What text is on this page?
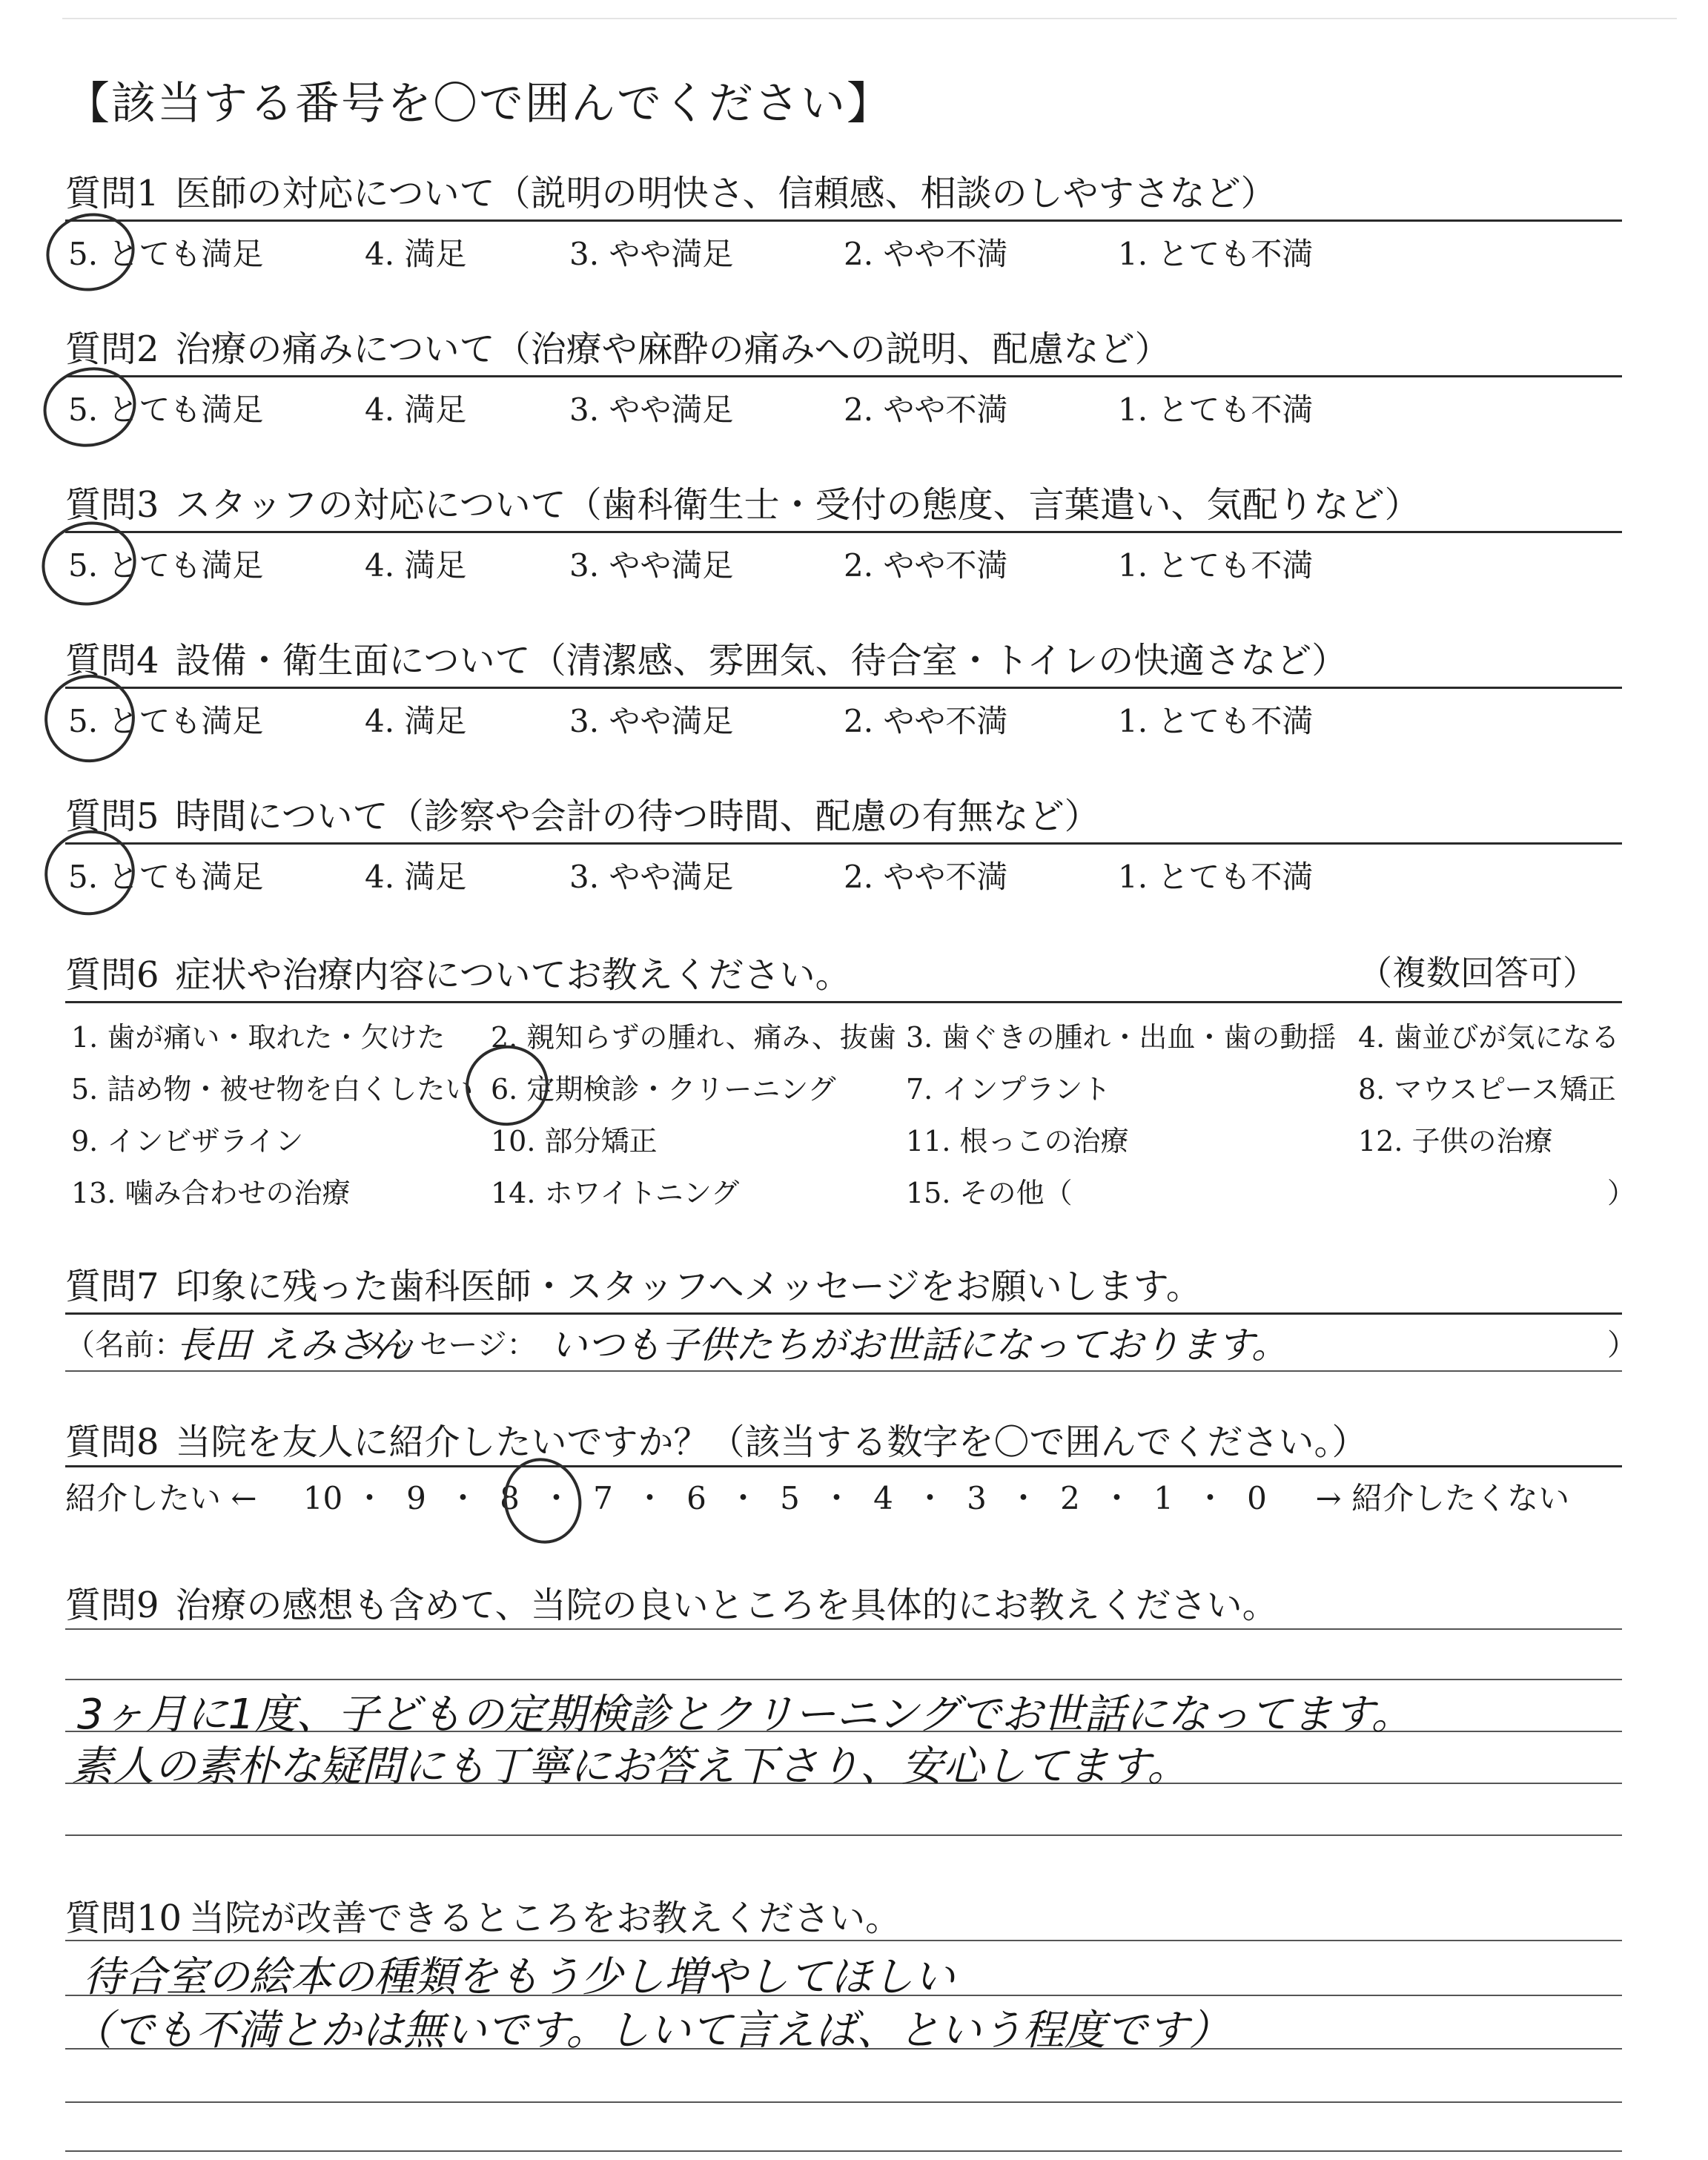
【該当する番号を〇で囲んでください】
質問1 医師の対応について（説明の明快さ、信頼感、相談のしやすさなど）
5. とても満足	4. 満足	3. やや満足	2. やや不満	1. とても不満
質問2 治療の痛みについて（治療や麻酔の痛みへの説明、配慮など）
5. とても満足	4. 満足	3. やや満足	2. やや不満	1. とても不満
質問3 スタッフの対応について（歯科衛生士・受付の態度、言葉遣い、気配りなど）
5. とても満足	4. 満足	3. やや満足	2. やや不満	1. とても不満
質問4 設備・衛生面について（清潔感、雰囲気、待合室・トイレの快適さなど）
5. とても満足	4. 満足	3. やや満足	2. やや不満	1. とても不満
質問5 時間について（診察や会計の待つ時間、配慮の有無など）
5. とても満足	4. 満足	3. やや満足	2. やや不満	1. とても不満
質問6 症状や治療内容についてお教えください。	（複数回答可）
1. 歯が痛い・取れた・欠けた 2. 親知らずの腫れ、痛み、抜歯 3. 歯ぐきの腫れ・出血・歯の動揺 4. 歯並びが気になる
5. 詰め物・被せ物を白くしたい 6. 定期検診・クリーニング 7. インプラント	8. マウスピース矯正
9. インビザライン	10. 部分矯正	11. 根っこの治療	12. 子供の治療
13. 噛み合わせの治療	14. ホワイトニング	15. その他（	）
質問7 印象に残った歯科医師・スタッフへメッセージをお願いします。
（名前：
長田 えみさん
メッセージ： いつも子供たちがお世話になっております。	）
質問8 当院を友人に紹介したいですか？（該当する数字を〇で囲んでください。）
紹介したい ← 10 ・ 9 ・ 8 ・ 7 ・ 6 ・ 5 ・ 4 ・ 3 ・ 2 ・ 1 ・ 0 → 紹介したくない
質問9 治療の感想も含めて、当院の良いところを具体的にお教えください。
3ヶ月に1度、子どもの定期検診とクリーニングでお世話になってます。
素人の素朴な疑問にも丁寧にお答え下さり、安心してます。
質問10 当院が改善できるところをお教えください。
待合室の絵本の種類をもう少し増やしてほしい
（でも不満とかは無いです。しいて言えば、という程度です）
